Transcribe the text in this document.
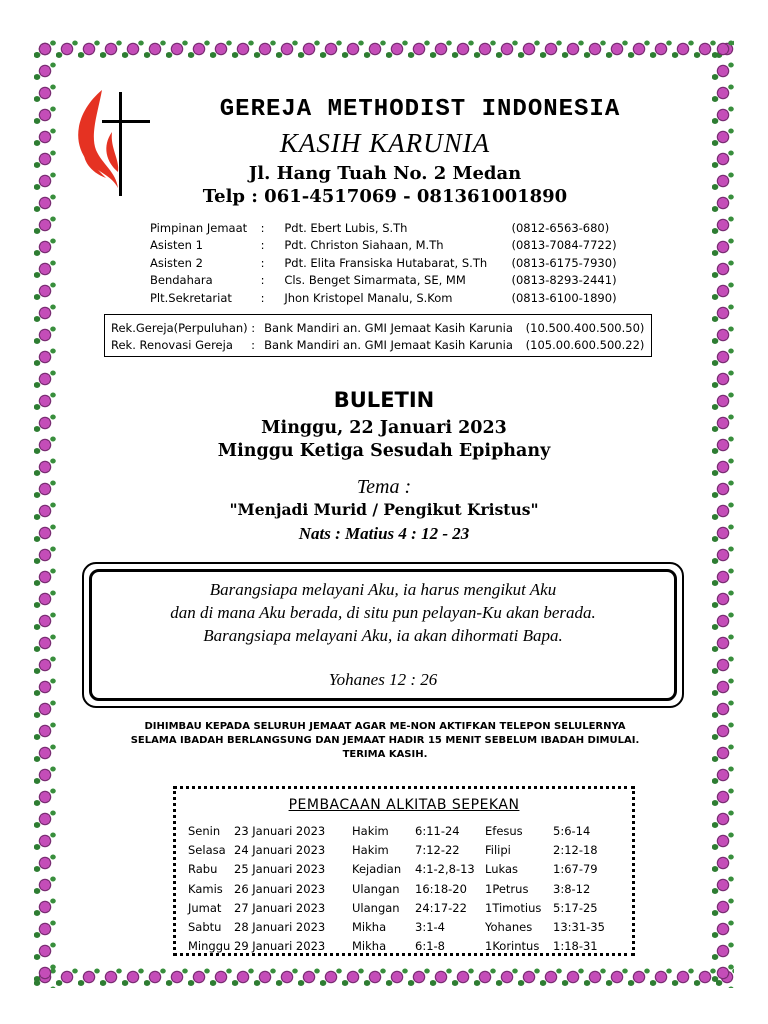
GEREJA METHODIST INDONESIA
KASIH KARUNIA
Jl. Hang Tuah No. 2 Medan
Telp : 061-4517069 - 081361001890
Pimpinan Jemaat	:	Pdt. Ebert Lubis, S.Th	(0812-6563-680)
Asisten 1	:	Pdt. Christon Siahaan, M.Th	(0813-7084-7722)
Asisten 2	:	Pdt. Elita Fransiska Hutabarat, S.Th	(0813-6175-7930)
Bendahara	:	Cls. Benget Simarmata, SE, MM	(0813-8293-2441)
Plt.Sekretariat	:	Jhon Kristopel Manalu, S.Kom	(0813-6100-1890)
Rek.Gereja(Perpuluhan) : Bank Mandiri an. GMI Jemaat Kasih Karunia	(10.500.400.500.50)
Rek. Renovasi Gereja     : Bank Mandiri an. GMI Jemaat Kasih Karunia	(105.00.600.500.22)
BULETIN
Minggu, 22 Januari 2023
Minggu Ketiga Sesudah Epiphany
Tema :
"Menjadi Murid / Pengikut Kristus"
Nats : Matius 4 : 12 - 23
Barangsiapa melayani Aku, ia harus mengikut Aku
dan di mana Aku berada, di situ pun pelayan-Ku akan berada.
Barangsiapa melayani Aku, ia akan dihormati Bapa.
Yohanes 12 : 26
DIHIMBAU KEPADA SELURUH JEMAAT AGAR ME-NON AKTIFKAN TELEPON SELULERNYA
SELAMA IBADAH BERLANGSUNG DAN JEMAAT HADIR 15 MENIT SEBELUM IBADAH DIMULAI.
TERIMA KASIH.
PEMBACAAN ALKITAB SEPEKAN
Senin	23 Januari 2023	Hakim	6:11-24	Efesus	5:6-14
Selasa 24 Januari 2023	Hakim	7:12-22	Filipi	2:12-18
Rabu	25 Januari 2023	Kejadian	4:1-2,8-13 Lukas	1:67-79
Kamis 26 Januari 2023	Ulangan	16:18-20	1Petrus	3:8-12
Jumat	27 Januari 2023	Ulangan	24:17-22	1Timotius	5:17-25
Sabtu	28 Januari 2023	Mikha	3:1-4	Yohanes	13:31-35
Minggu 29 Januari 2023	Mikha	6:1-8	1Korintus	1:18-31
